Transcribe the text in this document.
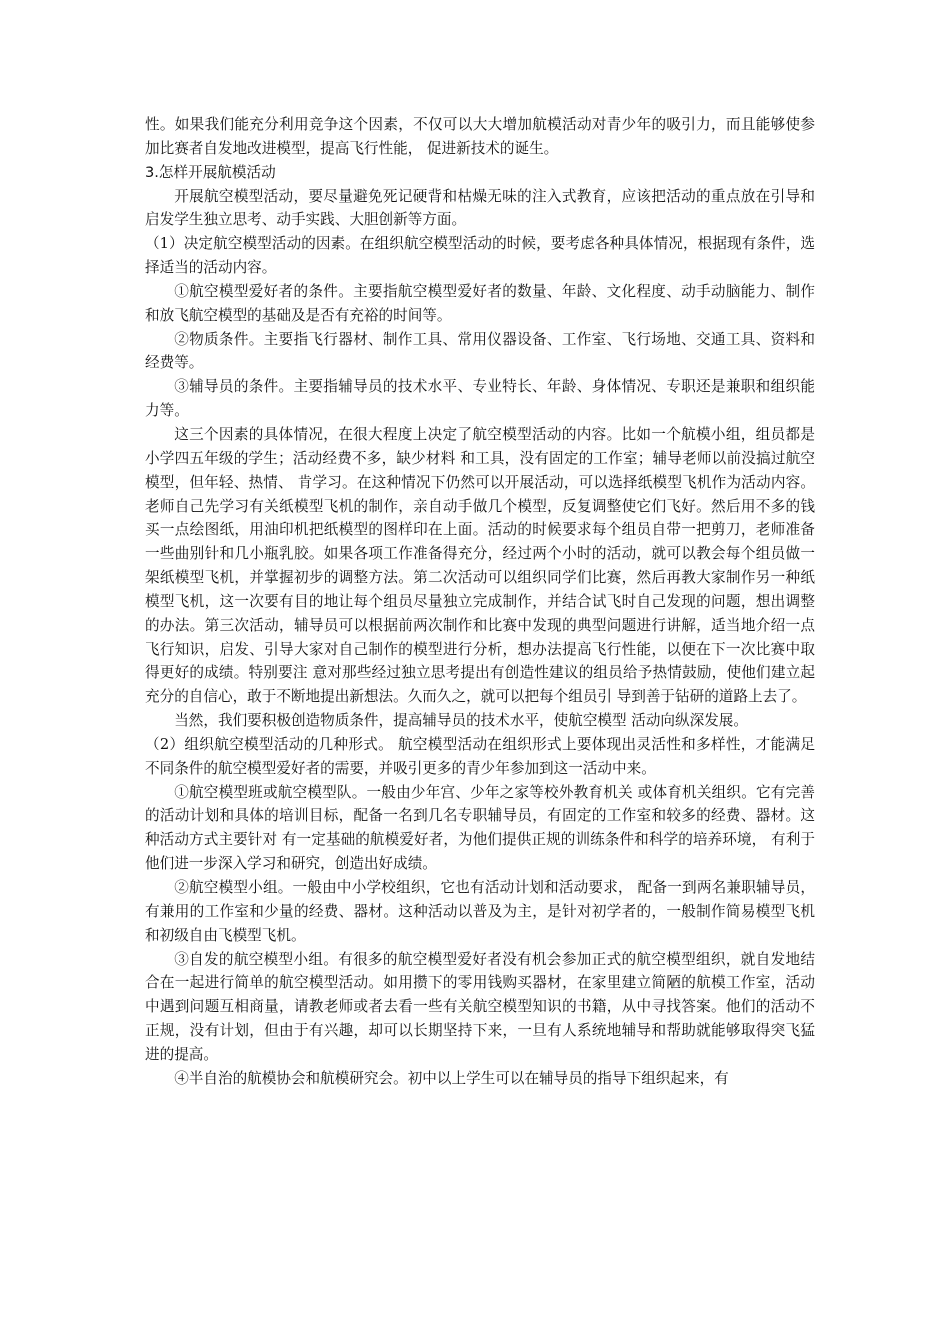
性。如果我们能充分利用竞争这个因素，不仅可以大大增加航模活动对青少年的吸引力，而且能够使参加比赛者自发地改进模型，提高飞行性能， 促进新技术的诞生。

3.怎样开展航模活动

开展航空模型活动，要尽量避免死记硬背和枯燥无味的注入式教育，应该把活动的重点放在引导和启发学生独立思考、动手实践、大胆创新等方面。

（1）决定航空模型活动的因素。在组织航空模型活动的时候，要考虑各种具体情况，根据现有条件，选择适当的活动内容。

①航空模型爱好者的条件。主要指航空模型爱好者的数量、年龄、文化程度、动手动脑能力、制作和放飞航空模型的基础及是否有充裕的时间等。

②物质条件。主要指飞行器材、制作工具、常用仪器设备、工作室、飞行场地、交通工具、资料和经费等。

③辅导员的条件。主要指辅导员的技术水平、专业特长、年龄、身体情况、专职还是兼职和组织能力等。

这三个因素的具体情况，在很大程度上决定了航空模型活动的内容。比如一个航模小组，组员都是小学四五年级的学生；活动经费不多，缺少材料 和工具，没有固定的工作室；辅导老师以前没搞过航空模型，但年轻、热情、 肯学习。在这种情况下仍然可以开展活动，可以选择纸模型飞机作为活动内容。老师自己先学习有关纸模型飞机的制作，亲自动手做几个模型，反复调整使它们飞好。然后用不多的钱买一点绘图纸，用油印机把纸模型的图样印在上面。活动的时候要求每个组员自带一把剪刀，老师准备一些曲别针和几小瓶乳胶。如果各项工作准备得充分，经过两个小时的活动，就可以教会每个组员做一架纸模型飞机，并掌握初步的调整方法。第二次活动可以组织同学们比赛，然后再教大家制作另一种纸模型飞机，这一次要有目的地让每个组员尽量独立完成制作，并结合试飞时自己发现的问题，想出调整的办法。第三次活动，辅导员可以根据前两次制作和比赛中发现的典型问题进行讲解，适当地介绍一点飞行知识，启发、引导大家对自己制作的模型进行分析，想办法提高飞行性能，以便在下一次比赛中取得更好的成绩。特别要注 意对那些经过独立思考提出有创造性建议的组员给予热情鼓励，使他们建立起充分的自信心，敢于不断地提出新想法。久而久之，就可以把每个组员引 导到善于钻研的道路上去了。

当然，我们要积极创造物质条件，提高辅导员的技术水平，使航空模型 活动向纵深发展。

（2）组织航空模型活动的几种形式。 航空模型活动在组织形式上要体现出灵活性和多样性，才能满足不同条件的航空模型爱好者的需要，并吸引更多的青少年参加到这一活动中来。

①航空模型班或航空模型队。一般由少年宫、少年之家等校外教育机关 或体育机关组织。它有完善的活动计划和具体的培训目标，配备一名到几名专职辅导员，有固定的工作室和较多的经费、器材。这种活动方式主要针对 有一定基础的航模爱好者，为他们提供正规的训练条件和科学的培养环境， 有利于他们进一步深入学习和研究，创造出好成绩。

②航空模型小组。一般由中小学校组织，它也有活动计划和活动要求， 配备一到两名兼职辅导员，有兼用的工作室和少量的经费、器材。这种活动以普及为主，是针对初学者的，一般制作简易模型飞机和初级自由飞模型飞机。

③自发的航空模型小组。有很多的航空模型爱好者没有机会参加正式的航空模型组织，就自发地结合在一起进行简单的航空模型活动。如用攒下的零用钱购买器材，在家里建立简陋的航模工作室，活动中遇到问题互相商量，请教老师或者去看一些有关航空模型知识的书籍，从中寻找答案。他们的活动不正规，没有计划，但由于有兴趣，却可以长期坚持下来，一旦有人系统地辅导和帮助就能够取得突飞猛进的提高。

④半自治的航模协会和航模研究会。初中以上学生可以在辅导员的指导下组织起来，有
